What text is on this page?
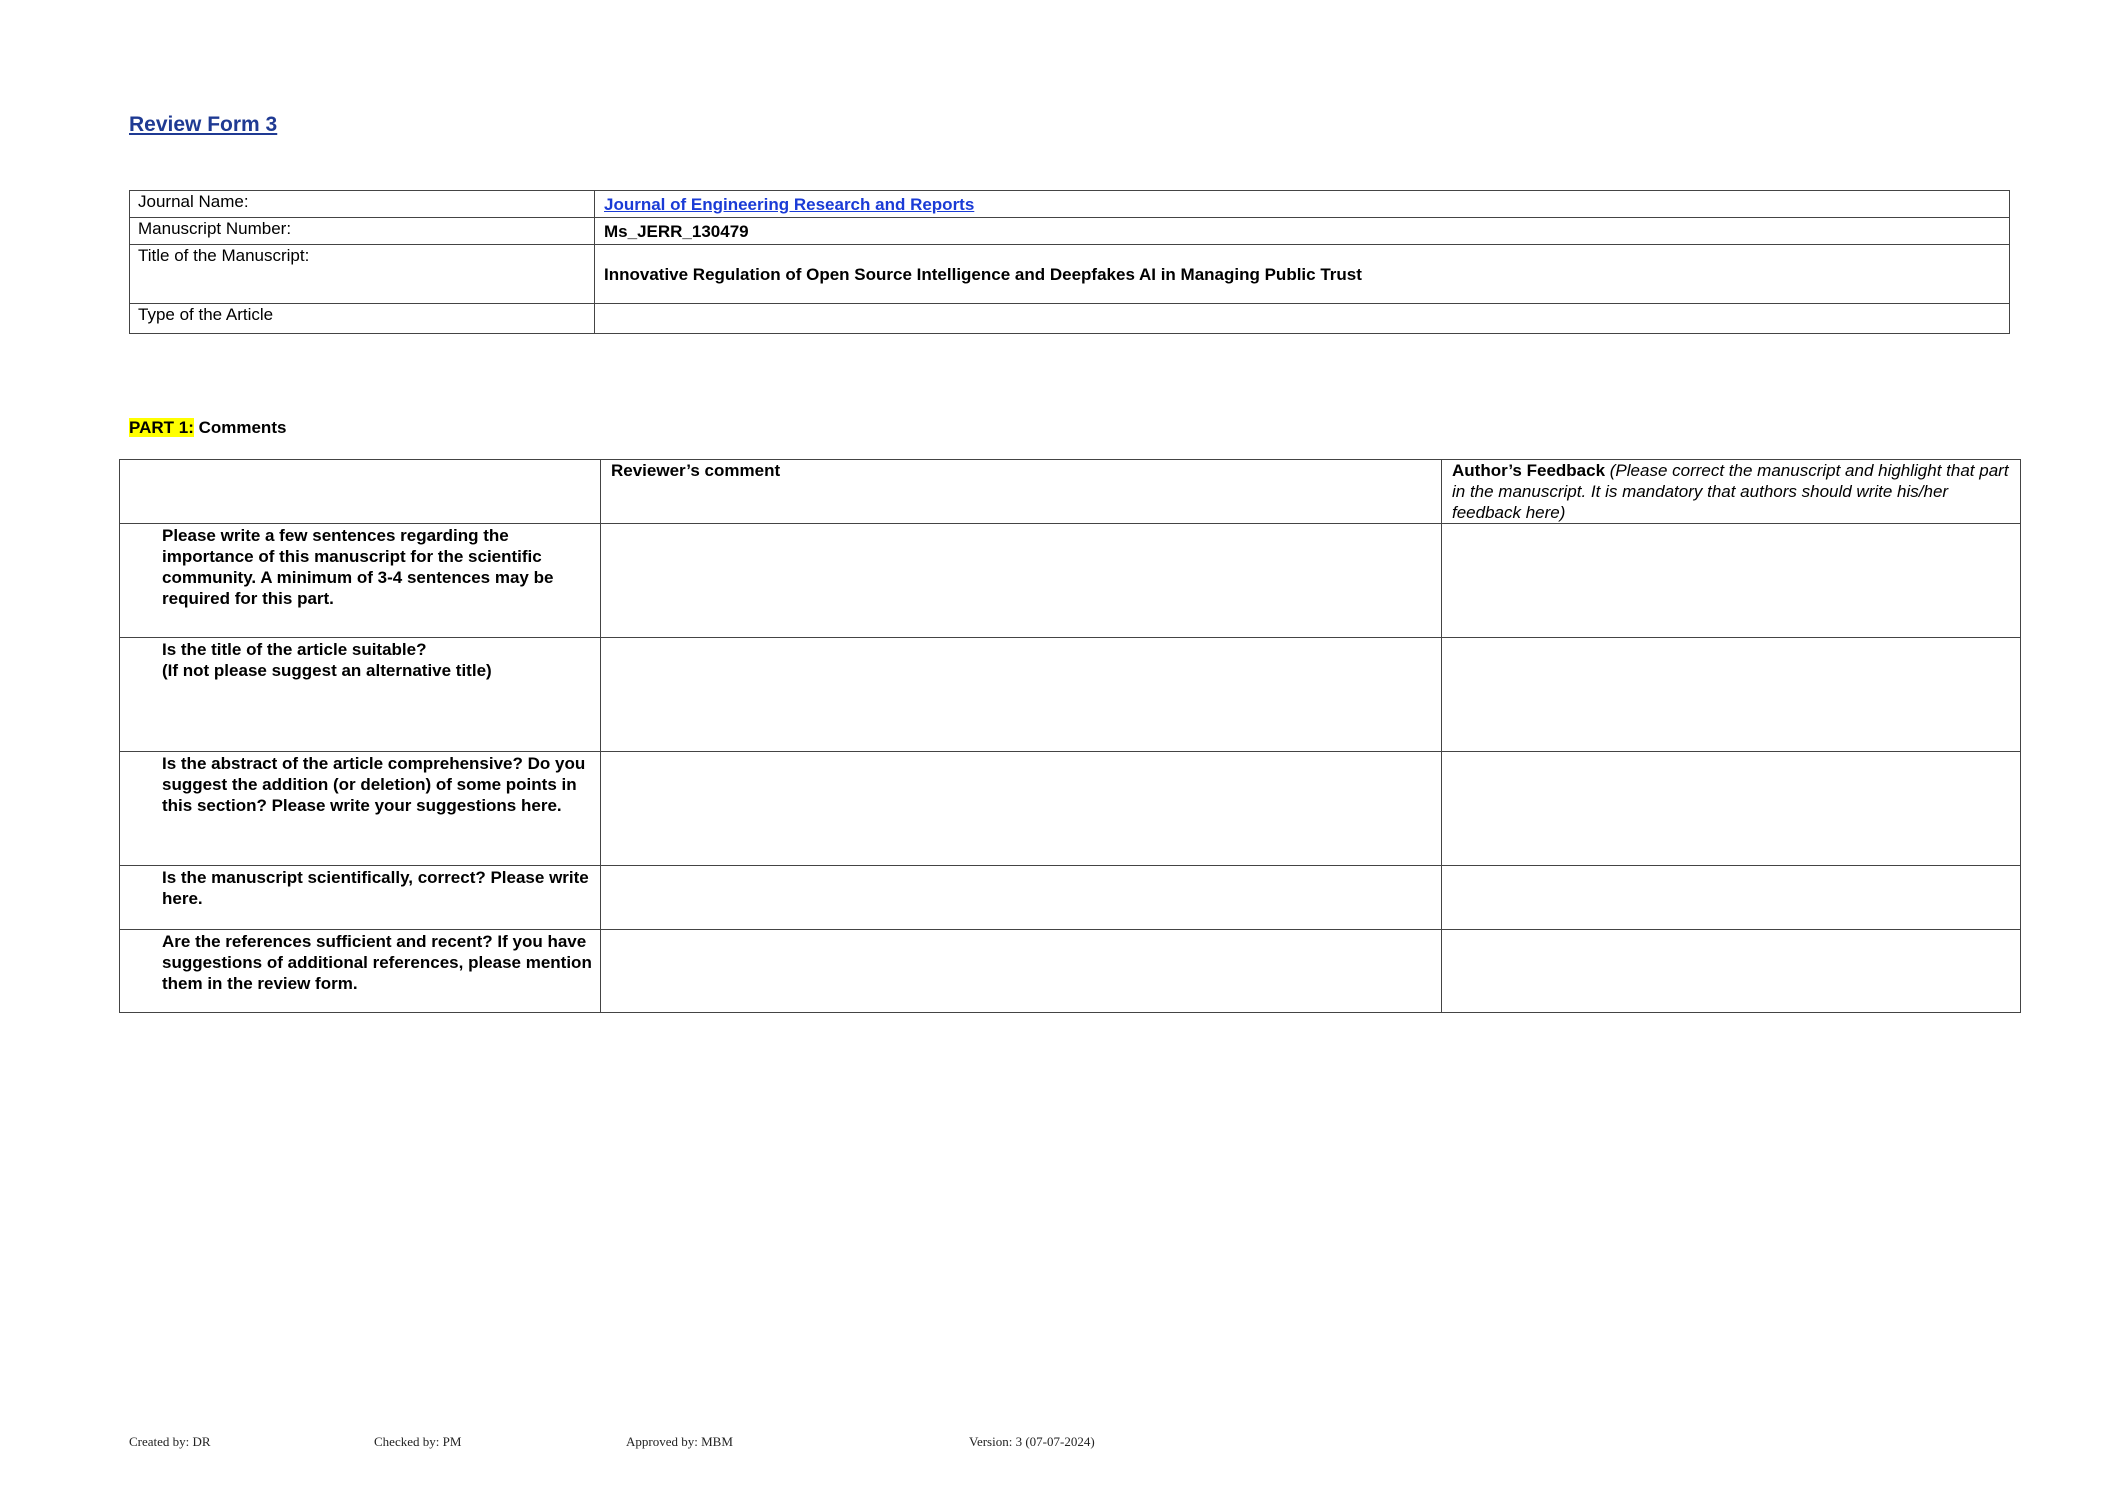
Review Form 3
Journal Name:	Journal of Engineering Research and Reports
Manuscript Number:	Ms_JERR_130479
Title of the Manuscript:	Innovative Regulation of Open Source Intelligence and Deepfakes AI in Managing Public Trust
Type of the Article	

PART 1: Comments

	Reviewer’s comment	Author’s Feedback (Please correct the manuscript and highlight that part in the manuscript. It is mandatory that authors should write his/her feedback here)
Please write a few sentences regarding the importance of this manuscript for the scientific community. A minimum of 3-4 sentences may be required for this part.		
Is the title of the article suitable?
(If not please suggest an alternative title)		
Is the abstract of the article comprehensive? Do you suggest the addition (or deletion) of some points in this section? Please write your suggestions here.		
Is the manuscript scientifically, correct? Please write here.		
Are the references sufficient and recent? If you have suggestions of additional references, please mention them in the review form.		
Created by: DR	Checked by: PM	Approved by: MBM	Version: 3 (07-07-2024)
